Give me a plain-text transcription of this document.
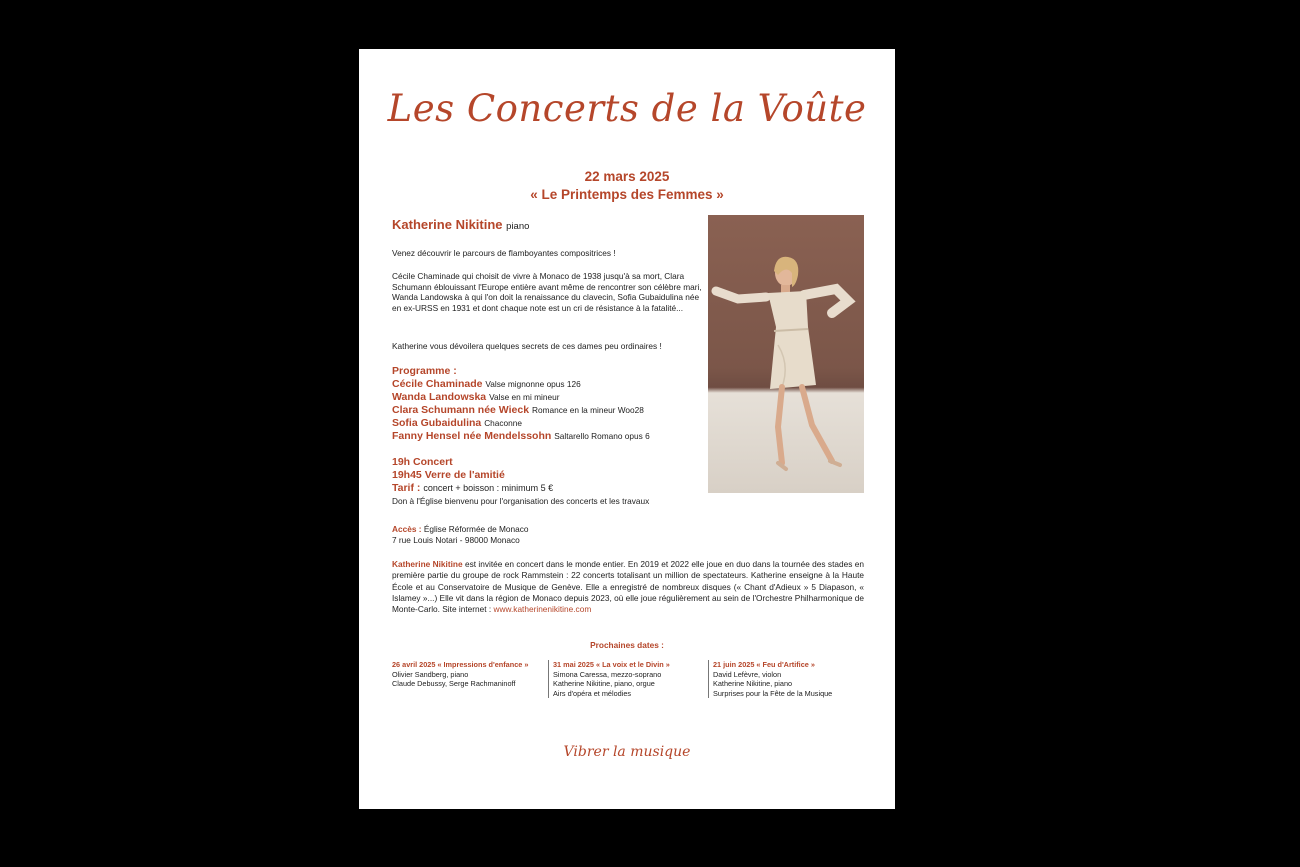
Les Concerts de la Voûte
22 mars 2025
« Le Printemps des Femmes »
Katherine Nikitine piano

Venez découvrir le parcours de flamboyantes compositrices !

Cécile Chaminade qui choisit de vivre à Monaco de 1938 jusqu'à sa mort, Clara Schumann éblouissant l'Europe entière avant même de rencontrer son célèbre mari, Wanda Landowska à qui l'on doit la renaissance du clavecin, Sofia Gubaidulina née en ex-URSS en 1931 et dont chaque note est un cri de résistance à la fatalité...

Katherine vous dévoilera quelques secrets de ces dames peu ordinaires !

Programme :
Cécile Chaminade Valse mignonne opus 126
Wanda Landowska Valse en mi mineur
Clara Schumann née Wieck Romance en la mineur Woo28
Sofia Gubaidulina Chaconne
Fanny Hensel née Mendelssohn Saltarello Romano opus 6
19h Concert
19h45 Verre de l'amitié
Tarif : concert + boisson : minimum 5 €
Don à l'Église bienvenu pour l'organisation des concerts et les travaux
Accès : Église Réformée de Monaco
7 rue Louis Notari - 98000 Monaco

Katherine Nikitine est invitée en concert dans le monde entier. En 2019 et 2022 elle joue en duo dans la tournée des stades en première partie du groupe de rock Rammstein : 22 concerts totalisant un million de spectateurs. Katherine enseigne à la Haute École et au Conservatoire de Musique de Genève. Elle a enregistré de nombreux disques (« Chant d'Adieux » 5 Diapason, « Islamey »...) Elle vit dans la région de Monaco depuis 2023, où elle joue régulièrement au sein de l'Orchestre Philharmonique de Monte-Carlo. Site internet : www.katherinenikitine.com

Prochaines dates :
26 avril 2025 « Impressions d'enfance »
Olivier Sandberg, piano
Claude Debussy, Serge Rachmaninoff
31 mai 2025 « La voix et le Divin »
Simona Caressa, mezzo-soprano
Katherine Nikitine, piano, orgue
Airs d'opéra et mélodies
21 juin 2025 « Feu d'Artifice »
David Lefèvre, violon
Katherine Nikitine, piano
Surprises pour la Fête de la Musique
Vibrer la musique
